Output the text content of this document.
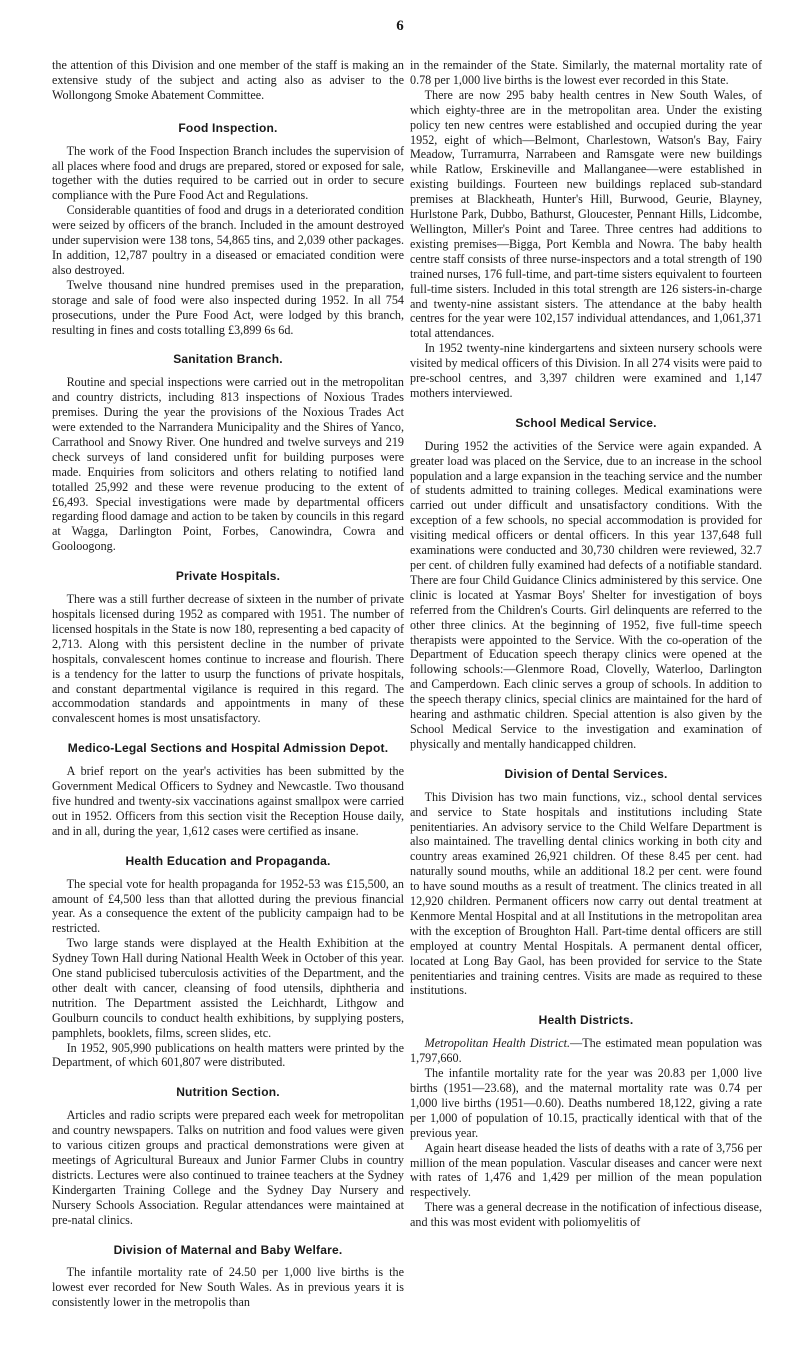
6

the attention of this Division and one member of the staff is making an extensive study of the subject and acting also as adviser to the Wollongong Smoke Abatement Committee.

Food Inspection.

The work of the Food Inspection Branch includes the supervision of all places where food and drugs are prepared, stored or exposed for sale, together with the duties required to be carried out in order to secure compliance with the Pure Food Act and Regulations.

Considerable quantities of food and drugs in a deteriorated condition were seized by officers of the branch. Included in the amount destroyed under supervision were 138 tons, 54,865 tins, and 2,039 other packages. In addition, 12,787 poultry in a diseased or emaciated condition were also destroyed.

Twelve thousand nine hundred premises used in the preparation, storage and sale of food were also inspected during 1952. In all 754 prosecutions, under the Pure Food Act, were lodged by this branch, resulting in fines and costs totalling £3,899 6s 6d.

Sanitation Branch.

Routine and special inspections were carried out in the metropolitan and country districts, including 813 inspections of Noxious Trades premises. During the year the provisions of the Noxious Trades Act were extended to the Narrandera Municipality and the Shires of Yanco, Carrathool and Snowy River. One hundred and twelve surveys and 219 check surveys of land considered unfit for building purposes were made. Enquiries from solicitors and others relating to notified land totalled 25,992 and these were revenue producing to the extent of £6,493. Special investigations were made by departmental officers regarding flood damage and action to be taken by councils in this regard at Wagga, Darlington Point, Forbes, Canowindra, Cowra and Gooloogong.

Private Hospitals.

There was a still further decrease of sixteen in the number of private hospitals licensed during 1952 as compared with 1951. The number of licensed hospitals in the State is now 180, representing a bed capacity of 2,713. Along with this persistent decline in the number of private hospitals, convalescent homes continue to increase and flourish. There is a tendency for the latter to usurp the functions of private hospitals, and constant departmental vigilance is required in this regard. The accommodation standards and appointments in many of these convalescent homes is most unsatisfactory.

Medico-Legal Sections and Hospital Admission Depot.

A brief report on the year's activities has been submitted by the Government Medical Officers to Sydney and Newcastle. Two thousand five hundred and twenty-six vaccinations against smallpox were carried out in 1952. Officers from this section visit the Reception House daily, and in all, during the year, 1,612 cases were certified as insane.

Health Education and Propaganda.

The special vote for health propaganda for 1952-53 was £15,500, an amount of £4,500 less than that allotted during the previous financial year. As a consequence the extent of the publicity campaign had to be restricted.

Two large stands were displayed at the Health Exhibition at the Sydney Town Hall during National Health Week in October of this year. One stand publicised tuberculosis activities of the Department, and the other dealt with cancer, cleansing of food utensils, diphtheria and nutrition. The Department assisted the Leichhardt, Lithgow and Goulburn councils to conduct health exhibitions, by supplying posters, pamphlets, booklets, films, screen slides, etc.

In 1952, 905,990 publications on health matters were printed by the Department, of which 601,807 were distributed.

Nutrition Section.

Articles and radio scripts were prepared each week for metropolitan and country newspapers. Talks on nutrition and food values were given to various citizen groups and practical demonstrations were given at meetings of Agricultural Bureaux and Junior Farmer Clubs in country districts. Lectures were also continued to trainee teachers at the Sydney Kindergarten Training College and the Sydney Day Nursery and Nursery Schools Association. Regular attendances were maintained at pre-natal clinics.

Division of Maternal and Baby Welfare.

The infantile mortality rate of 24.50 per 1,000 live births is the lowest ever recorded for New South Wales. As in previous years it is consistently lower in the metropolis than

in the remainder of the State. Similarly, the maternal mortality rate of 0.78 per 1,000 live births is the lowest ever recorded in this State.

There are now 295 baby health centres in New South Wales, of which eighty-three are in the metropolitan area. Under the existing policy ten new centres were established and occupied during the year 1952, eight of which—Belmont, Charlestown, Watson's Bay, Fairy Meadow, Turramurra, Narrabeen and Ramsgate were new buildings while Ratlow, Erskineville and Mallanganee—were established in existing buildings. Fourteen new buildings replaced sub-standard premises at Blackheath, Hunter's Hill, Burwood, Geurie, Blayney, Hurlstone Park, Dubbo, Bathurst, Gloucester, Pennant Hills, Lidcombe, Wellington, Miller's Point and Taree. Three centres had additions to existing premises—Bigga, Port Kembla and Nowra. The baby health centre staff consists of three nurse-inspectors and a total strength of 190 trained nurses, 176 full-time, and part-time sisters equivalent to fourteen full-time sisters. Included in this total strength are 126 sisters-in-charge and twenty-nine assistant sisters. The attendance at the baby health centres for the year were 102,157 individual attendances, and 1,061,371 total attendances.

In 1952 twenty-nine kindergartens and sixteen nursery schools were visited by medical officers of this Division. In all 274 visits were paid to pre-school centres, and 3,397 children were examined and 1,147 mothers interviewed.

School Medical Service.

During 1952 the activities of the Service were again expanded. A greater load was placed on the Service, due to an increase in the school population and a large expansion in the teaching service and the number of students admitted to training colleges. Medical examinations were carried out under difficult and unsatisfactory conditions. With the exception of a few schools, no special accommodation is provided for visiting medical officers or dental officers. In this year 137,648 full examinations were conducted and 30,730 children were reviewed, 32.7 per cent. of children fully examined had defects of a notifiable standard. There are four Child Guidance Clinics administered by this service. One clinic is located at Yasmar Boys' Shelter for investigation of boys referred from the Children's Courts. Girl delinquents are referred to the other three clinics. At the beginning of 1952, five full-time speech therapists were appointed to the Service. With the co-operation of the Department of Education speech therapy clinics were opened at the following schools:—Glenmore Road, Clovelly, Waterloo, Darlington and Camperdown. Each clinic serves a group of schools. In addition to the speech therapy clinics, special clinics are maintained for the hard of hearing and asthmatic children. Special attention is also given by the School Medical Service to the investigation and examination of physically and mentally handicapped children.

Division of Dental Services.

This Division has two main functions, viz., school dental services and service to State hospitals and institutions including State penitentiaries. An advisory service to the Child Welfare Department is also maintained. The travelling dental clinics working in both city and country areas examined 26,921 children. Of these 8.45 per cent. had naturally sound mouths, while an additional 18.2 per cent. were found to have sound mouths as a result of treatment. The clinics treated in all 12,920 children. Permanent officers now carry out dental treatment at Kenmore Mental Hospital and at all Institutions in the metropolitan area with the exception of Broughton Hall. Part-time dental officers are still employed at country Mental Hospitals. A permanent dental officer, located at Long Bay Gaol, has been provided for service to the State penitentiaries and training centres. Visits are made as required to these institutions.

Health Districts.

Metropolitan Health District.—The estimated mean population was 1,797,660.

The infantile mortality rate for the year was 20.83 per 1,000 live births (1951—23.68), and the maternal mortality rate was 0.74 per 1,000 live births (1951—0.60). Deaths numbered 18,122, giving a rate per 1,000 of population of 10.15, practically identical with that of the previous year.

Again heart disease headed the lists of deaths with a rate of 3,756 per million of the mean population. Vascular diseases and cancer were next with rates of 1,476 and 1,429 per million of the mean population respectively.

There was a general decrease in the notification of infectious disease, and this was most evident with poliomyelitis of
